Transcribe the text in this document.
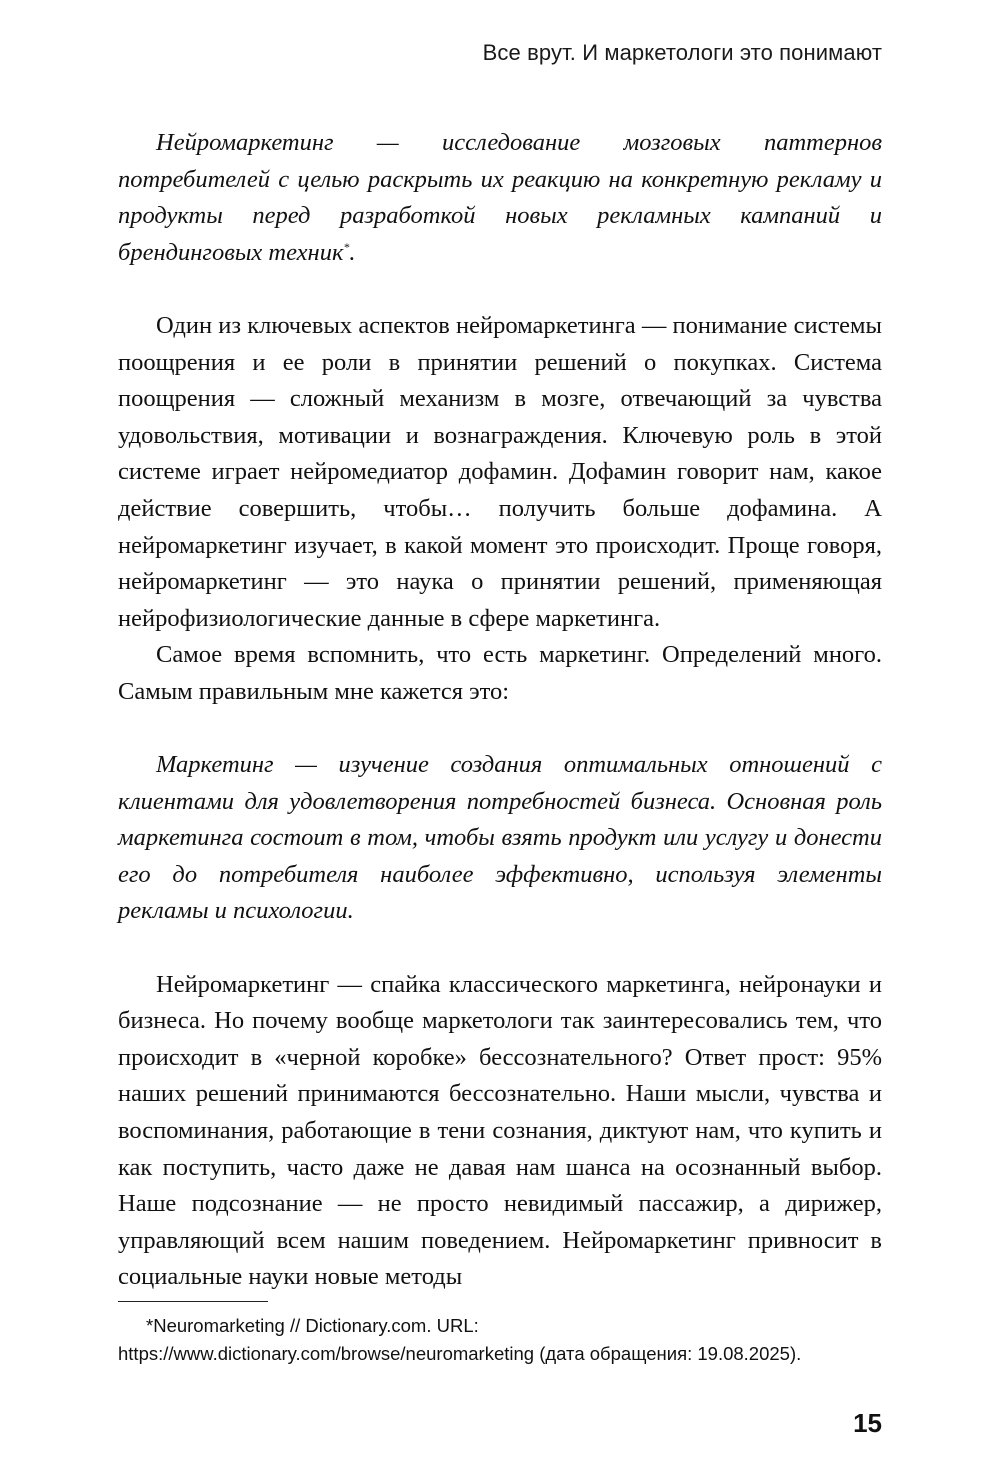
Все врут. И маркетологи это понимают

Нейромаркетинг — исследование мозговых паттернов потребителей с целью раскрыть их реакцию на конкретную рекламу и продукты перед разработкой новых рекламных кампаний и брендинговых техник*.

Один из ключевых аспектов нейромаркетинга — понимание системы поощрения и ее роли в принятии решений о покупках. Система поощрения — сложный механизм в мозге, отвечающий за чувства удовольствия, мотивации и вознаграждения. Ключевую роль в этой системе играет нейромедиатор дофамин. Дофамин говорит нам, какое действие совершить, чтобы… получить больше дофамина. А нейромаркетинг изучает, в какой момент это происходит. Проще говоря, нейромаркетинг — это наука о принятии решений, применяющая нейрофизиологические данные в сфере маркетинга.

Самое время вспомнить, что есть маркетинг. Определений много. Самым правильным мне кажется это:

Маркетинг — изучение создания оптимальных отношений с клиентами для удовлетворения потребностей бизнеса. Основная роль маркетинга состоит в том, чтобы взять продукт или услугу и донести его до потребителя наиболее эффективно, используя элементы рекламы и психологии.

Нейромаркетинг — спайка классического маркетинга, нейронауки и бизнеса. Но почему вообще маркетологи так заинтересовались тем, что происходит в «черной коробке» бессознательного? Ответ прост: 95% наших решений принимаются бессознательно. Наши мысли, чувства и воспоминания, работающие в тени сознания, диктуют нам, что купить и как поступить, часто даже не давая нам шанса на осознанный выбор. Наше подсознание — не просто невидимый пассажир, а дирижер, управляющий всем нашим поведением. Нейромаркетинг привносит в социальные науки новые методы

*Neuromarketing // Dictionary.com. URL: https://www.dictionary.com/browse/neuromarketing (дата обращения: 19.08.2025).
15
